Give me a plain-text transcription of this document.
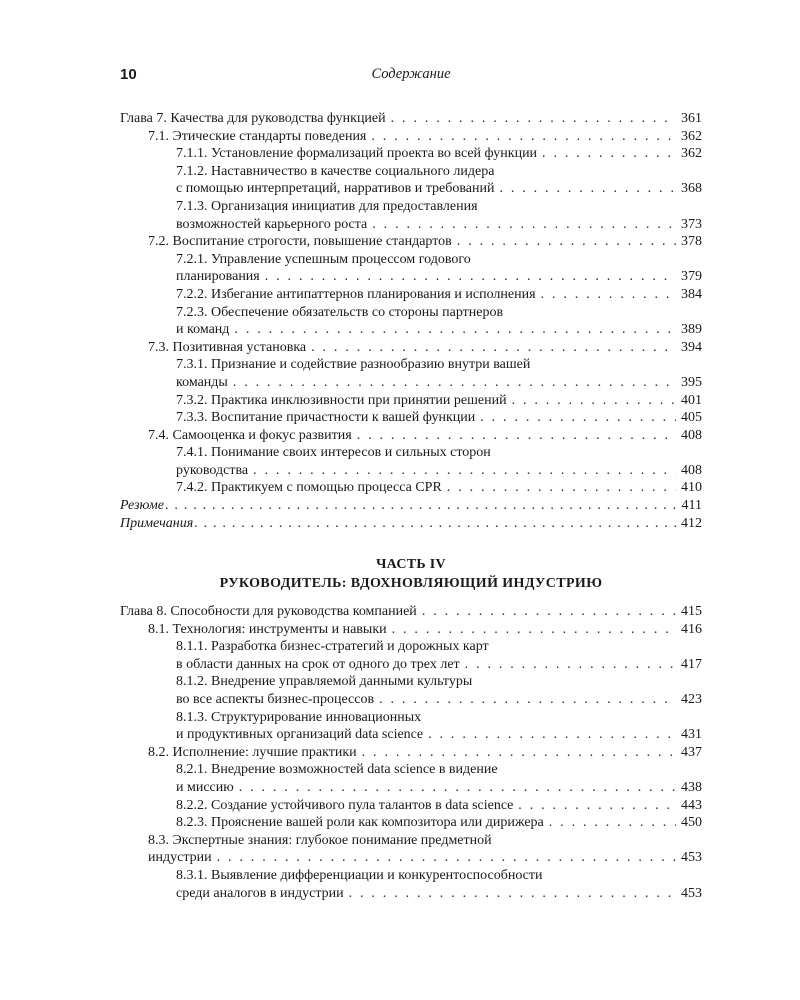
10	Содержание
Глава 7. Качества для руководства функцией . . .	361
7.1. Этические стандарты поведения . . .	362
7.1.1. Установление формализаций проекта во всей функции . . .	362
7.1.2. Наставничество в качестве социального лидера
с помощью интерпретаций, нарративов и требований . . .	368
7.1.3. Организация инициатив для предоставления
возможностей карьерного роста . . .	373
7.2. Воспитание строгости, повышение стандартов . . .	378
7.2.1. Управление успешным процессом годового
планирования . . .	379
7.2.2. Избегание антипаттернов планирования и исполнения . . .	384
7.2.3. Обеспечение обязательств со стороны партнеров
и команд . . .	389
7.3. Позитивная установка . . .	394
7.3.1. Признание и содействие разнообразию внутри вашей
команды . . .	395
7.3.2. Практика инклюзивности при принятии решений . . .	401
7.3.3. Воспитание причастности к вашей функции . . .	405
7.4. Самооценка и фокус развития . . .	408
7.4.1. Понимание своих интересов и сильных сторон
руководства . . .	408
7.4.2. Практикуем с помощью процесса CPR . . .	410
Резюме . . .	411
Примечания . . .	412
ЧАСТЬ IV
РУКОВОДИТЕЛЬ: ВДОХНОВЛЯЮЩИЙ ИНДУСТРИЮ
Глава 8. Способности для руководства компанией . . .	415
8.1. Технология: инструменты и навыки . . .	416
8.1.1. Разработка бизнес-стратегий и дорожных карт
в области данных на срок от одного до трех лет . . .	417
8.1.2. Внедрение управляемой данными культуры
во все аспекты бизнес-процессов . . .	423
8.1.3. Структурирование инновационных
и продуктивных организаций data science . . .	431
8.2. Исполнение: лучшие практики . . .	437
8.2.1. Внедрение возможностей data science в видение
и миссию . . .	438
8.2.2. Создание устойчивого пула талантов в data science . . .	443
8.2.3. Прояснение вашей роли как композитора или дирижера . . .	450
8.3. Экспертные знания: глубокое понимание предметной
индустрии . . .	453
8.3.1. Выявление дифференциации и конкурентоспособности
среди аналогов в индустрии . . .	453
